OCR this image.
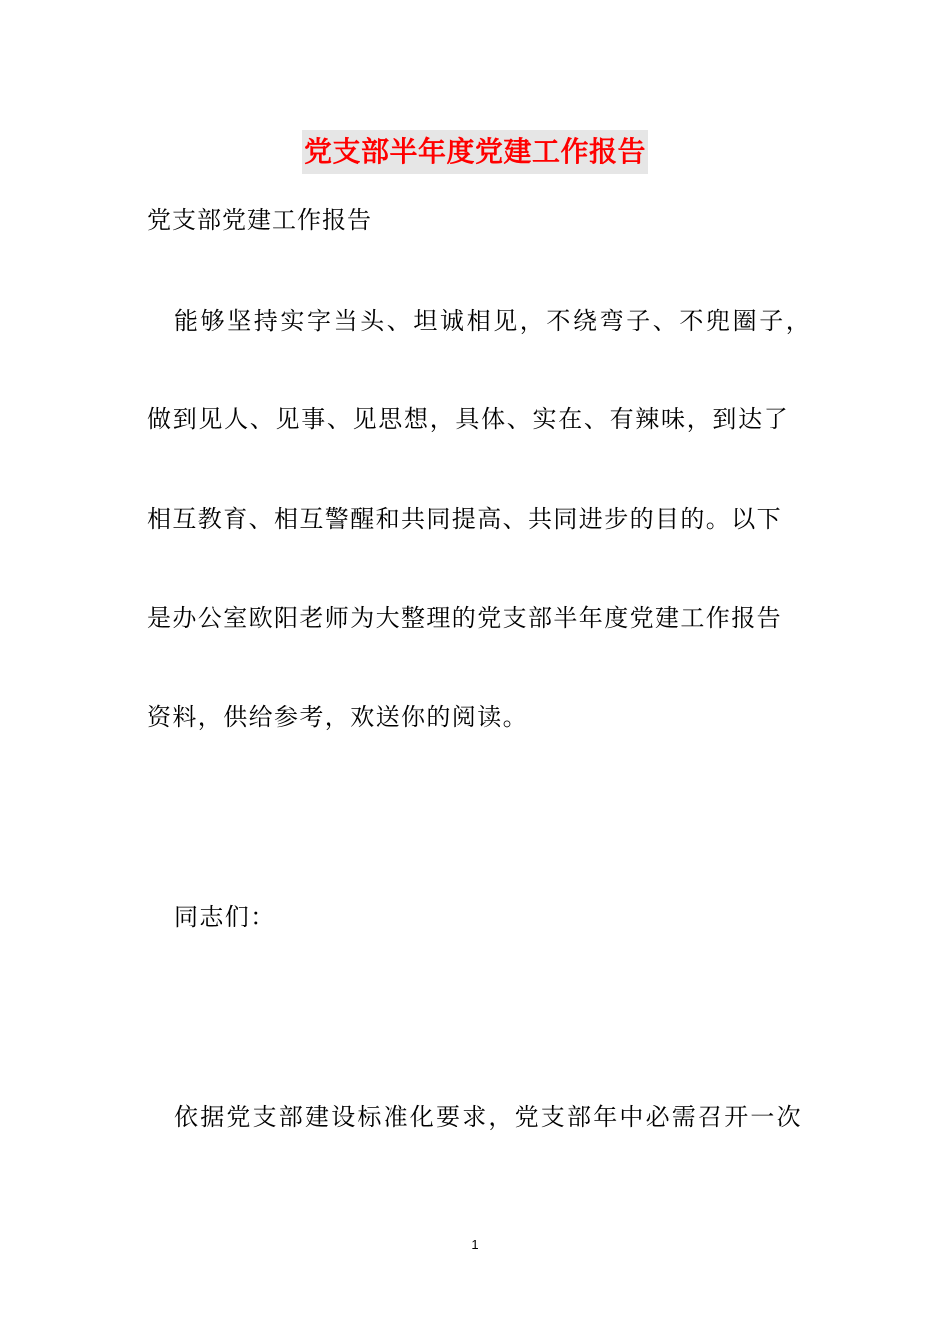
党支部半年度党建工作报告

党支部党建工作报告

能够坚持实字当头、坦诚相见，不绕弯子、不兜圈子，

做到见人、见事、见思想，具体、实在、有辣味，到达了

相互教育、相互警醒和共同提高、共同进步的目的。以下

是办公室欧阳老师为大整理的党支部半年度党建工作报告

资料，供给参考，欢送你的阅读。

同志们：

依据党支部建设标准化要求，党支部年中必需召开一次

1
